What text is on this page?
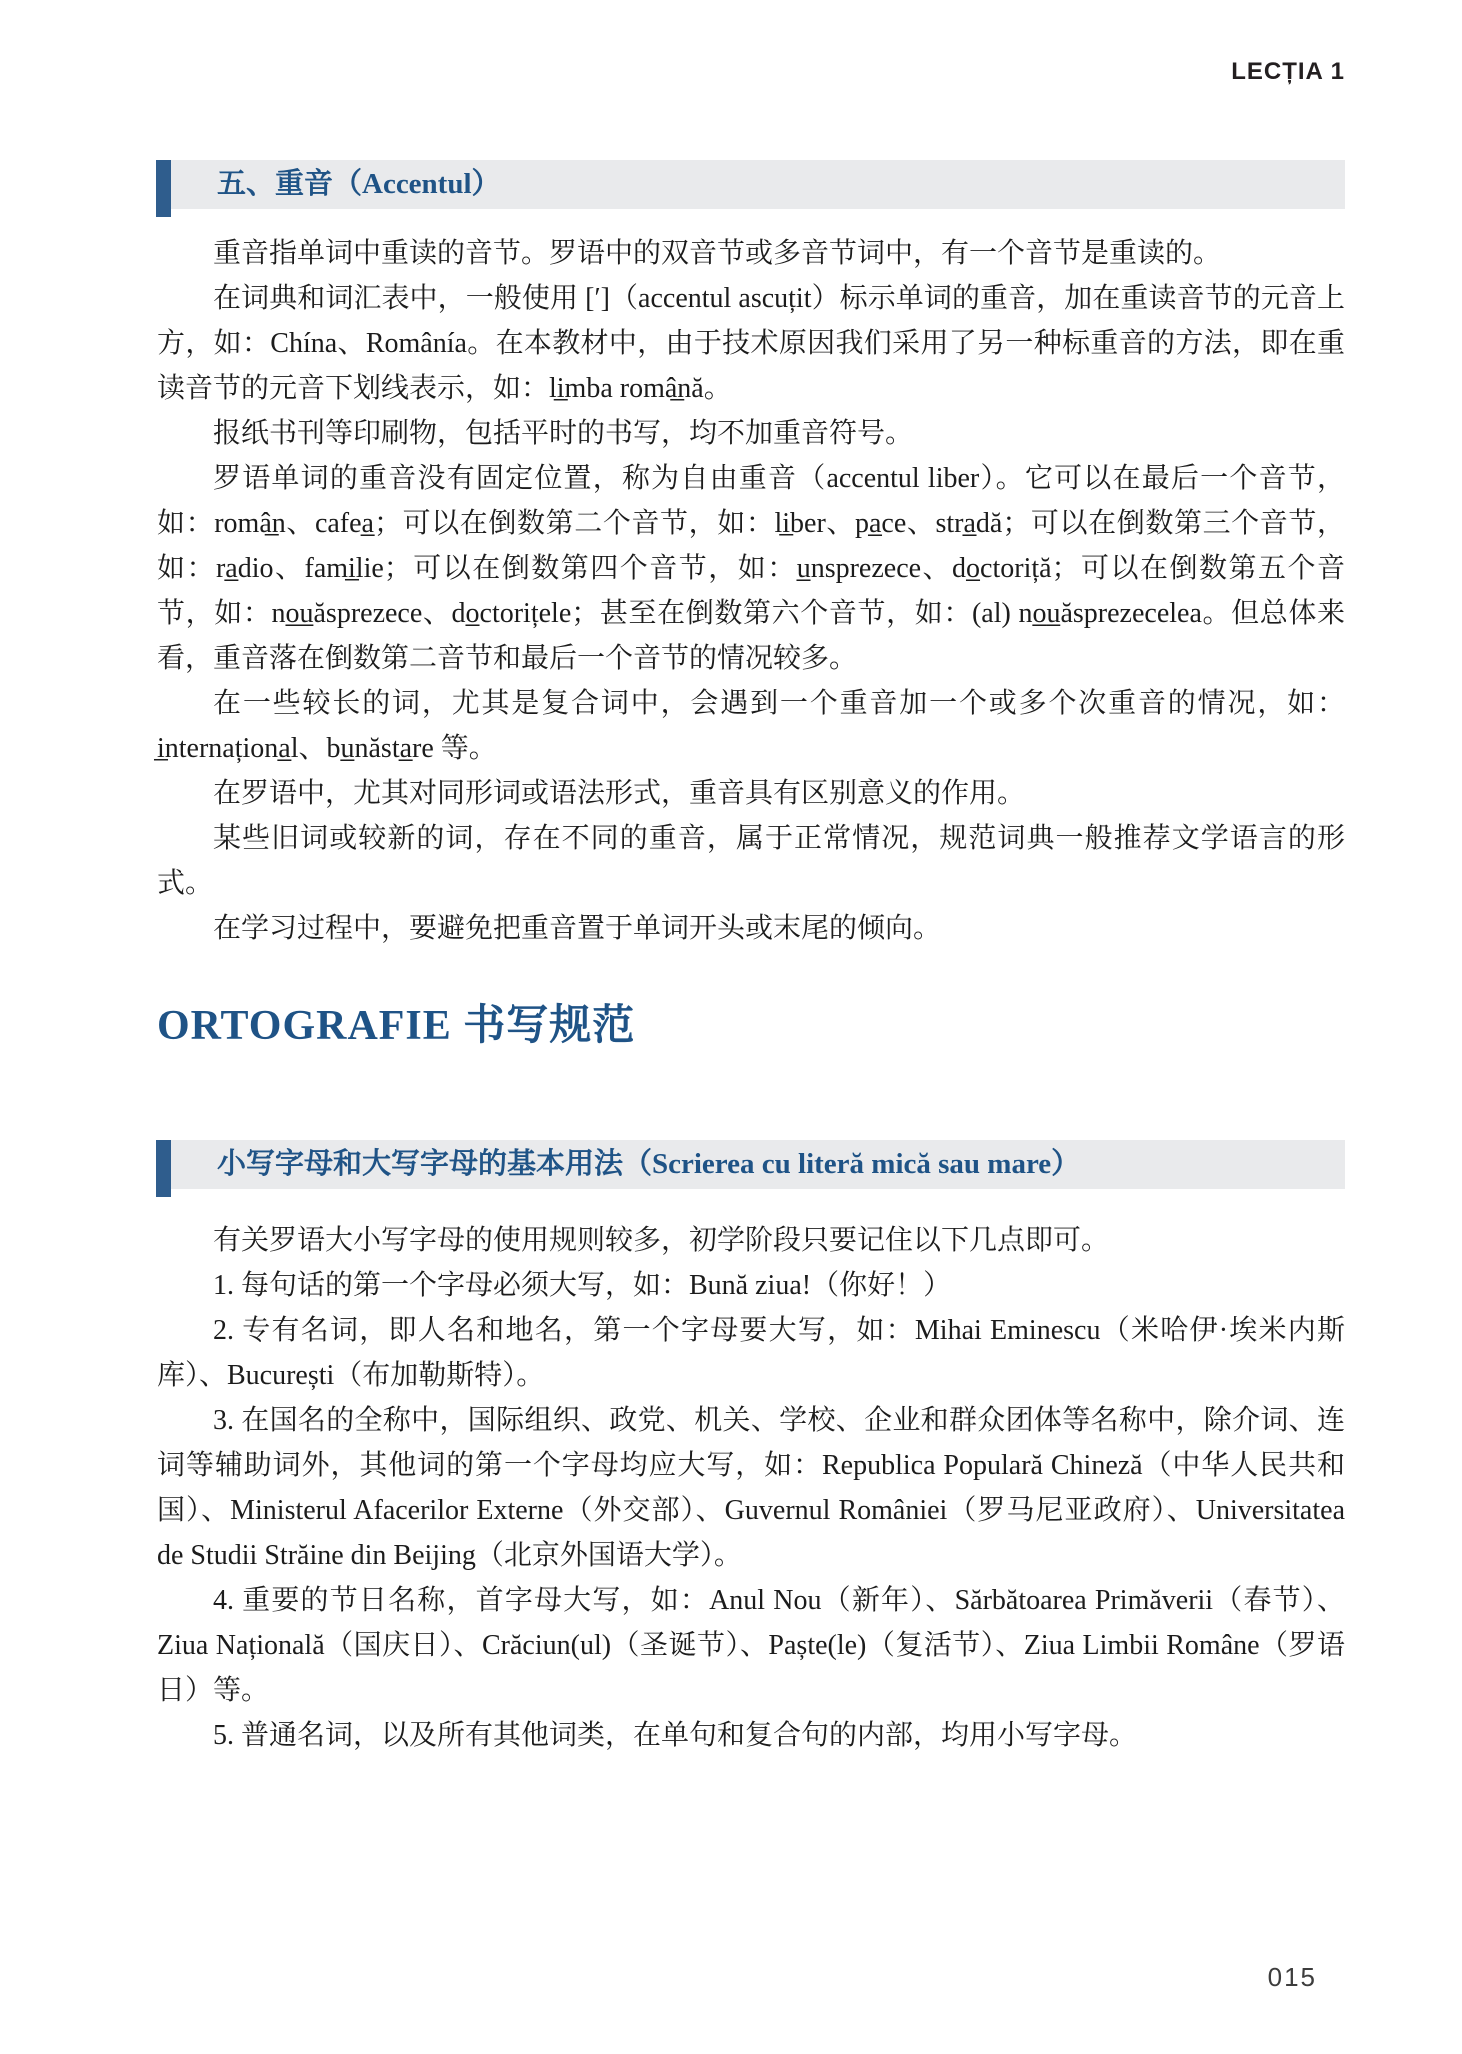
LECȚIA 1
五、重音（Accentul）

重音指单词中重读的音节。罗语中的双音节或多音节词中，有一个音节是重读的。

在词典和词汇表中，一般使用 [′]（accentul ascuțit）标示单词的重音，加在重读音节的元音上方，如：Chína、Românía。在本教材中，由于技术原因我们采用了另一种标重音的方法，即在重读音节的元音下划线表示，如：li̲mba româ̲nă。

报纸书刊等印刷物，包括平时的书写，均不加重音符号。

罗语单词的重音没有固定位置，称为自由重音（accentul liber）。它可以在最后一个音节，如：româ̲n、cafea̲；可以在倒数第二个音节，如：li̲ber、pa̲ce、stra̲dă；可以在倒数第三个音节，如：ra̲dio、fami̲lie；可以在倒数第四个音节，如：u̲nsprezece、do̲ctoriță；可以在倒数第五个音节，如：no̲u̲ăsprezece、do̲ctorițele；甚至在倒数第六个音节，如：(al) no̲u̲ăsprezecelea。但总体来看，重音落在倒数第二音节和最后一个音节的情况较多。

在一些较长的词，尤其是复合词中，会遇到一个重音加一个或多个次重音的情况，如：i̲nternaționa̲l、bu̲năsta̲re 等。

在罗语中，尤其对同形词或语法形式，重音具有区别意义的作用。

某些旧词或较新的词，存在不同的重音，属于正常情况，规范词典一般推荐文学语言的形式。

在学习过程中，要避免把重音置于单词开头或末尾的倾向。

ORTOGRAFIE 书写规范
小写字母和大写字母的基本用法（Scrierea cu literă mică sau mare）

有关罗语大小写字母的使用规则较多，初学阶段只要记住以下几点即可。

1. 每句话的第一个字母必须大写，如：Bună ziua!（你好！）

2. 专有名词，即人名和地名，第一个字母要大写，如：Mihai Eminescu（米哈伊·埃米内斯库）、București（布加勒斯特）。

3. 在国名的全称中，国际组织、政党、机关、学校、企业和群众团体等名称中，除介词、连词等辅助词外，其他词的第一个字母均应大写，如：Republica Populară Chineză（中华人民共和国）、Ministerul Afacerilor Externe（外交部）、Guvernul României（罗马尼亚政府）、Universitatea de Studii Străine din Beijing（北京外国语大学）。

4. 重要的节日名称，首字母大写，如：Anul Nou（新年）、Sărbătoarea Primăverii（春节）、Ziua Națională（国庆日）、Crăciun(ul)（圣诞节）、Paște(le)（复活节）、Ziua Limbii Române（罗语日）等。

5. 普通名词，以及所有其他词类，在单句和复合句的内部，均用小写字母。

015
